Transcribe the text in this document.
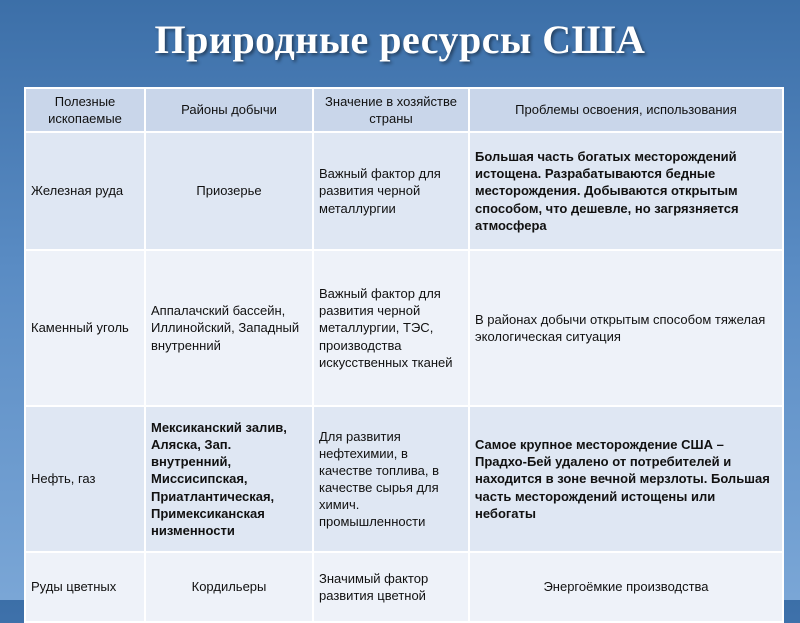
Природные ресурсы США
Полезные ископаемые	Районы добычи	Значение в хозяйстве страны	Проблемы освоения, использования
Железная руда	Приозерье	Важный фактор для развития черной металлургии	Большая часть богатых месторождений истощена. Разрабатываются бедные месторождения. Добываются открытым способом, что дешевле, но загрязняется атмосфера
Каменный уголь	Аппалачский бассейн, Иллинойский, Западный внутренний	Важный фактор для развития черной металлургии, ТЭС, производства искусственных тканей	В районах добычи открытым способом тяжелая экологическая ситуация
Нефть, газ	Мексиканский залив, Аляска, Зап. внутренний, Миссисипская, Приатлантическая, Примексиканская низменности	Для развития нефтехимии, в качестве топлива, в качестве сырья для химич. промышленности	Самое крупное месторождение США – Прадхо-Бей удалено от потребителей и находится в зоне вечной мерзлоты. Большая часть месторождений истощены или небогаты
Руды цветных	Кордильеры	Значимый фактор развития цветной	Энергоёмкие производства
